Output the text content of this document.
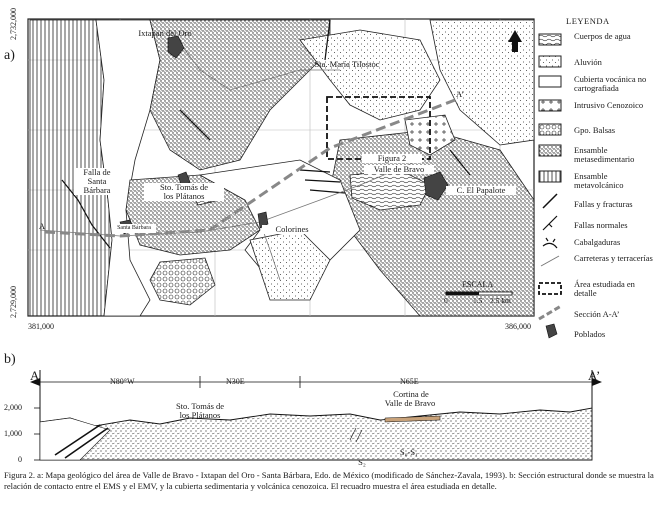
a)
2,732,000
2,729,000
381,000	386,000
Ixtapan del Oro
Sta. María Tilostoc
Figura 2
Valle de Bravo
C. El Papalote
Sto. Tomás de
los Plátanos
Colorines
Falla de
Santa
Bárbara
Santa Bárbara
A
A’
ESCALA
0	1.5 2.5 km
LEYENDA
Cuerpos de agua
Aluvión
Cubierta vocánica no cartografiada
Intrusivo Cenozoico
Gpo. Balsas
Ensamble metasedimentario
Ensamble metavolcánico
Fallas y fracturas
Fallas normales
Cabalgaduras
Carreteras y terracerías
Área estudiada en detalle
Sección A-A’
Poblados
b)
A	A’
N80°W	N30E	N65E
2,000
1,000
0
Sto. Tomás de
los Plátanos
Cortina de
Valle de Bravo
S₂
S₀-S₁
Figura 2. a: Mapa geológico del área de Valle de Bravo - Ixtapan del Oro - Santa Bárbara, Edo. de México (modificado de Sánchez-Zavala, 1993). b: Sección estructural donde se muestra la relación de contacto entre el EMS y el EMV, y la cubierta sedimentaria y volcánica cenozoica. El recuadro muestra el área estudiada en detalle.
